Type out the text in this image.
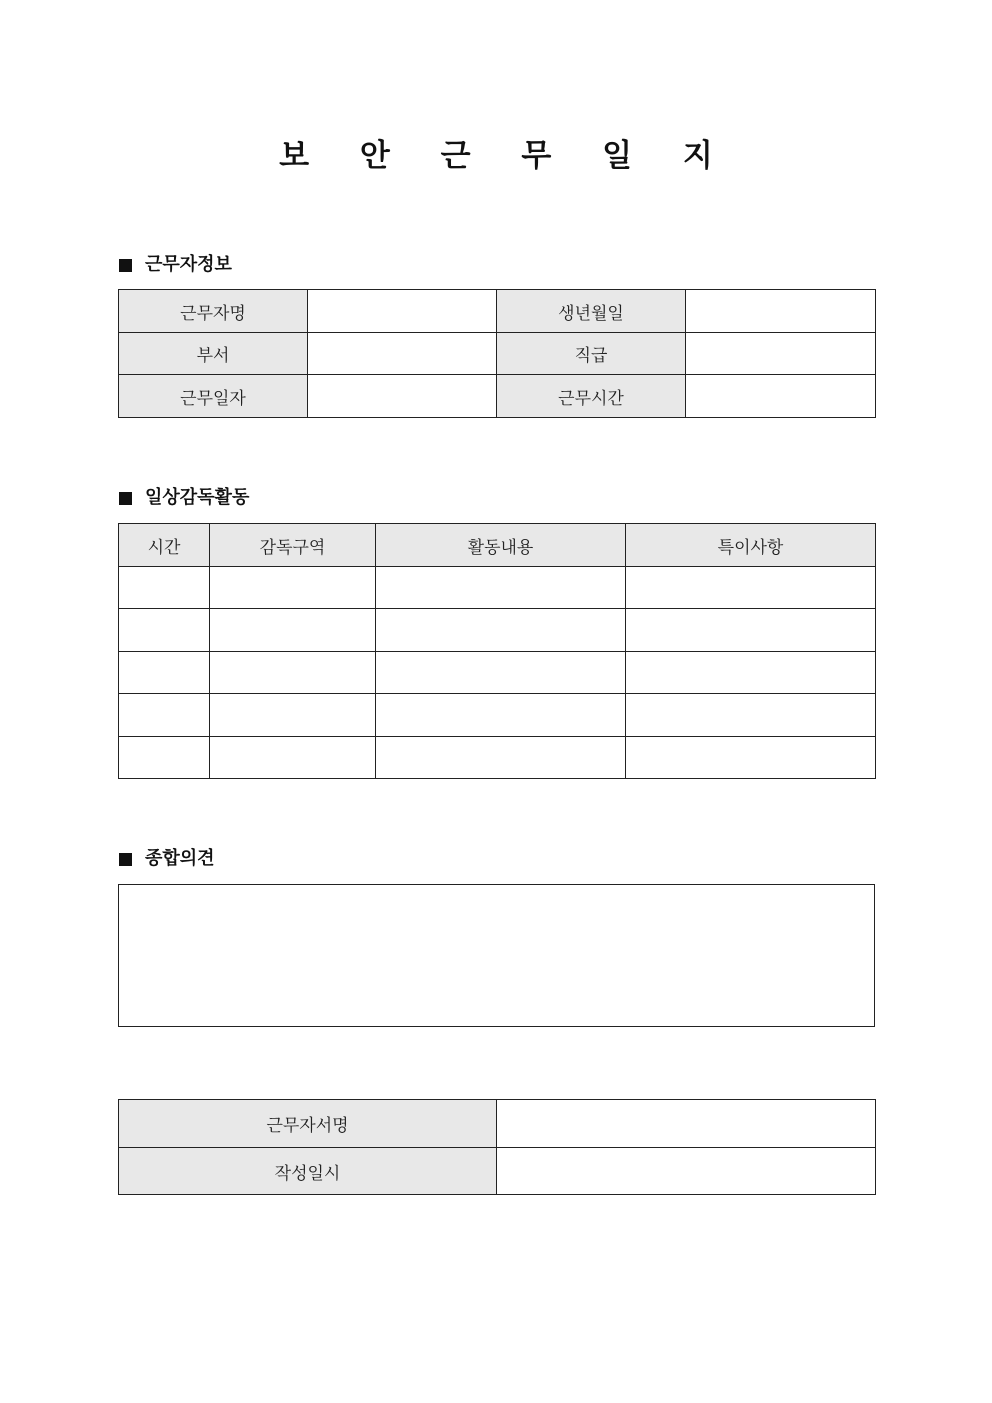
보 안 근 무 일 지
근무자정보
근무자명		생년월일	
부서		직급	
근무일자		근무시간	
일상감독활동
시간	감독구역	활동내용	특이사항

종합의견
근무자서명	
작성일시	
